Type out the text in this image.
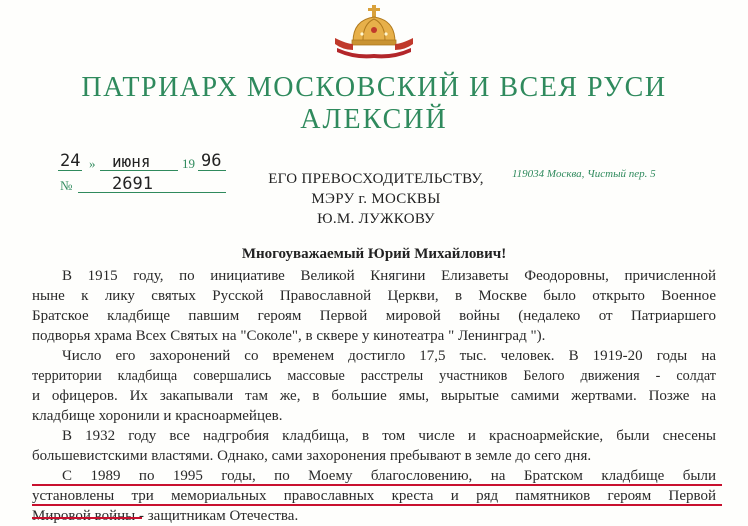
ПАТРИАРХ МОСКОВСКИЙ И ВСЕЯ РУСИ
АЛЕКСИЙ
24 » июня 19 96
№ 2691	119034 Москва, Чистый пер. 5
ЕГО ПРЕВОСХОДИТЕЛЬСТВУ,
МЭРУ г. МОСКВЫ
Ю.М. ЛУЖКОВУ
Многоуважаемый Юрий Михайлович!
В 1915 году, по инициативе Великой Княгини Елизаветы Феодоровны, причисленной
ныне к лику святых Русской Православной Церкви, в Москве было открыто Военное
Братское кладбище павшим героям Первой мировой войны (недалеко от Патриаршего
подворья храма Всех Святых на "Соколе", в сквере у кинотеатра " Ленинград ").
Число его захоронений со временем достигло 17,5 тыс. человек. В 1919-20 годы на
территории кладбища совершались массовые расстрелы участников Белого движения - солдат
и офицеров. Их закапывали там же, в большие ямы, вырытые самими жертвами. Позже на
кладбище хоронили и красноармейцев.
В 1932 году все надгробия кладбища, в том числе и красноармейские, были снесены
большевистскими властями. Однако, сами захоронения пребывают в земле до сего дня.
С 1989 по 1995 годы, по Моему благословению, на Братском кладбище были
установлены три мемориальных православных креста и ряд памятников героям Первой
Мировой войны - защитникам Отечества.
